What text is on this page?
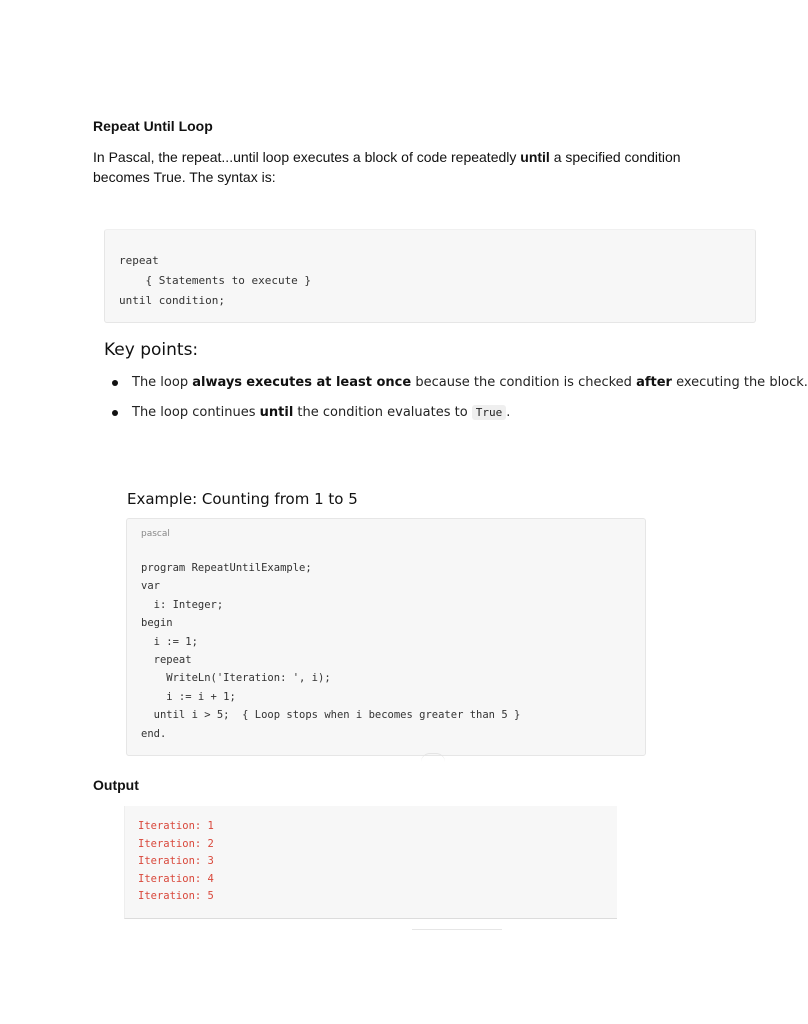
Repeat Until Loop

In Pascal, the repeat...until loop executes a block of code repeatedly until a specified condition becomes True. The syntax is:

repeat
{ Statements to execute }
until condition;
Key points:
The loop always executes at least once because the condition is checked after executing the block.
The loop continues until the condition evaluates to True .
Example: Counting from 1 to 5
pascal
program RepeatUntilExample;
var
i: Integer;
begin
i := 1;
repeat
WriteLn('Iteration: ', i);
i := i + 1;
until i > 5;  { Loop stops when i becomes greater than 5 }
end.
Output
Iteration: 1
Iteration: 2
Iteration: 3
Iteration: 4
Iteration: 5
